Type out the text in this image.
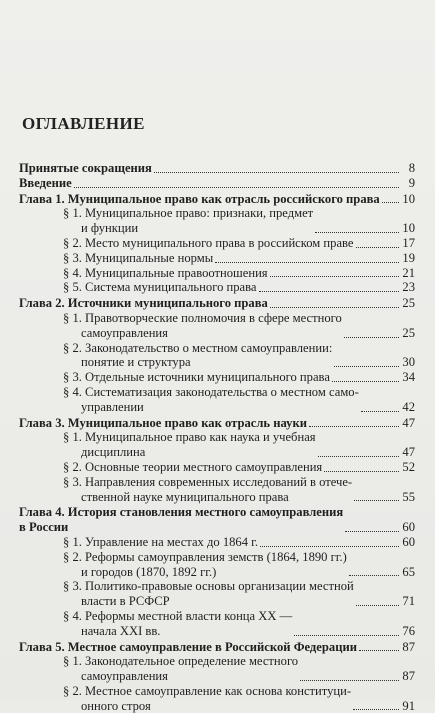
ОГЛАВЛЕНИЕ
Принятые сокращения	8
Введение	9
Глава 1. Муниципальное право как отрасль российского права 10
§ 1. Муниципальное право: признаки, предмет
и функции	10
§ 2. Место муниципального права в российском праве	17
§ 3. Муниципальные нормы	19
§ 4. Муниципальные правоотношения	21
§ 5. Система муниципального права	23
Глава 2. Источники муниципального права	25
§ 1. Правотворческие полномочия в сфере местного
самоуправления	25
§ 2. Законодательство о местном самоуправлении:
понятие и структура	30
§ 3. Отдельные источники муниципального права	34
§ 4. Систематизация законодательства о местном само-
управлении	42
Глава 3. Муниципальное право как отрасль науки	47
§ 1. Муниципальное право как наука и учебная
дисциплина	47
§ 2. Основные теории местного самоуправления	52
§ 3. Направления современных исследований в отече-
ственной науке муниципального права	55
Глава 4. История становления местного самоуправления
в России	60
§ 1. Управление на местах до 1864 г.	60
§ 2. Реформы самоуправления земств (1864, 1890 гг.)
и городов (1870, 1892 гг.)	65
§ 3. Политико-правовые основы организации местной
власти в РСФСР	71
§ 4. Реформы местной власти конца XX —
начала XXI вв.	76
Глава 5. Местное самоуправление в Российской Федерации	87
§ 1. Законодательное определение местного
самоуправления	87
§ 2. Местное самоуправление как основа конституци-
онного строя	91
